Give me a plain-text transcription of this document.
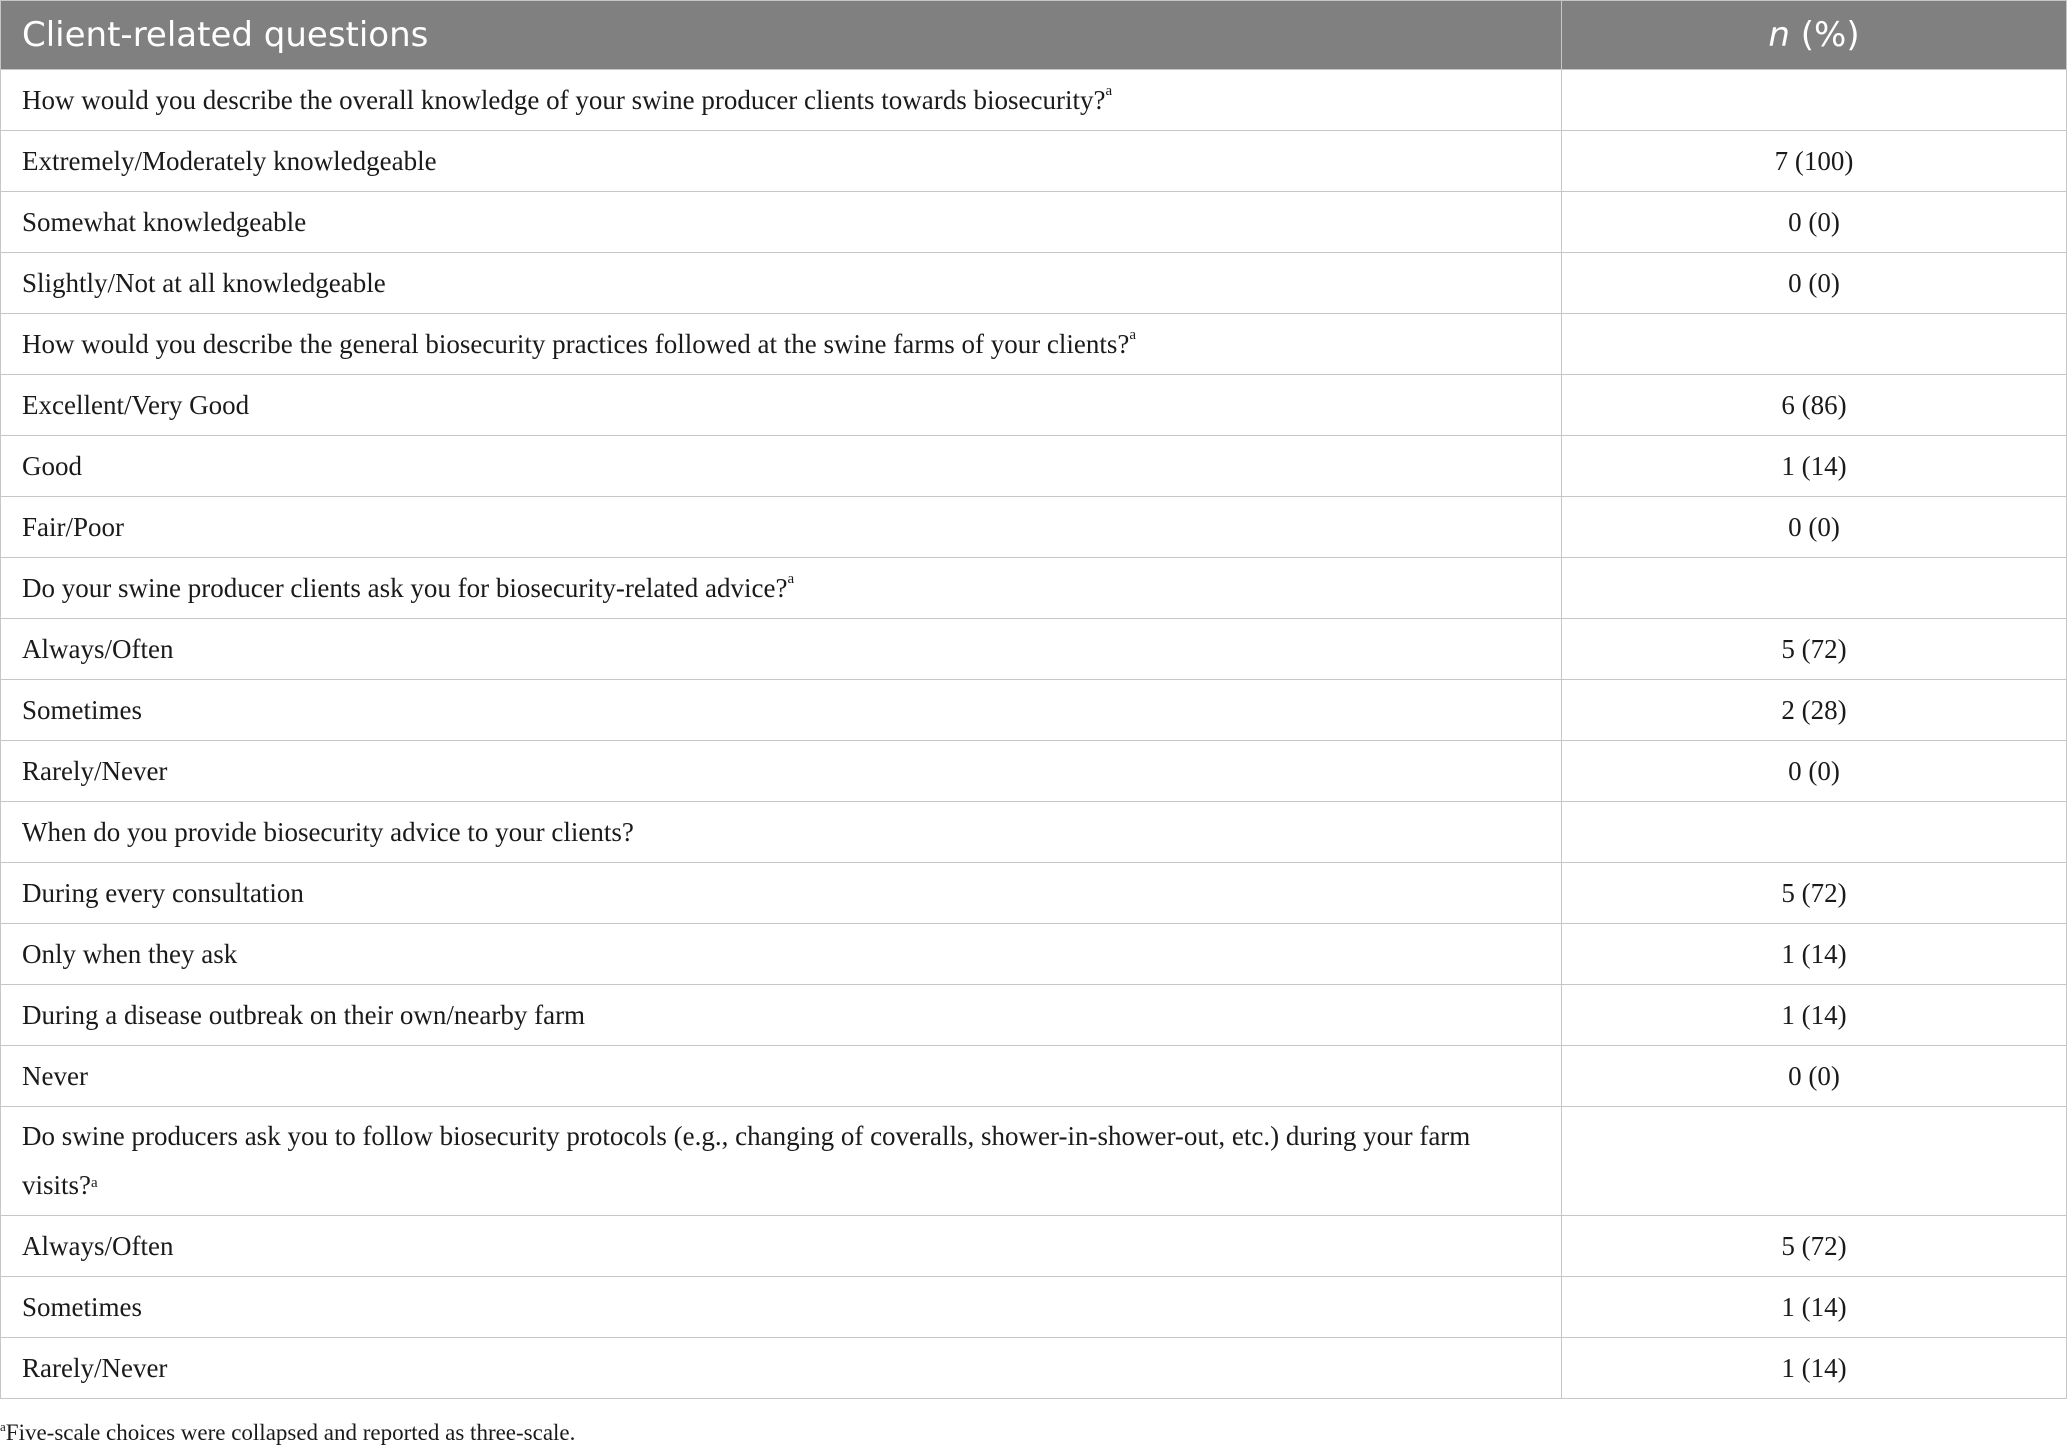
Client-related questions	n (%)
How would you describe the overall knowledge of your swine producer clients towards biosecurity?$^a$	
Extremely/Moderately knowledgeable	7 (100)
Somewhat knowledgeable	0 (0)
Slightly/Not at all knowledgeable	0 (0)
How would you describe the general biosecurity practices followed at the swine farms of your clients?$^a$	
Excellent/Very Good	6 (86)
Good	1 (14)
Fair/Poor	0 (0)
Do your swine producer clients ask you for biosecurity-related advice?$^a$	
Always/Often	5 (72)
Sometimes	2 (28)
Rarely/Never	0 (0)
When do you provide biosecurity advice to your clients?	
During every consultation	5 (72)
Only when they ask	1 (14)
During a disease outbreak on their own/nearby farm	1 (14)
Never	0 (0)
Do swine producers ask you to follow biosecurity protocols (e.g., changing of coveralls, shower-in-shower-out, etc.) during your farm visits?$^a$	
Always/Often	5 (72)
Sometimes	1 (14)
Rarely/Never	1 (14)
$^a$Five-scale choices were collapsed and reported as three-scale.
